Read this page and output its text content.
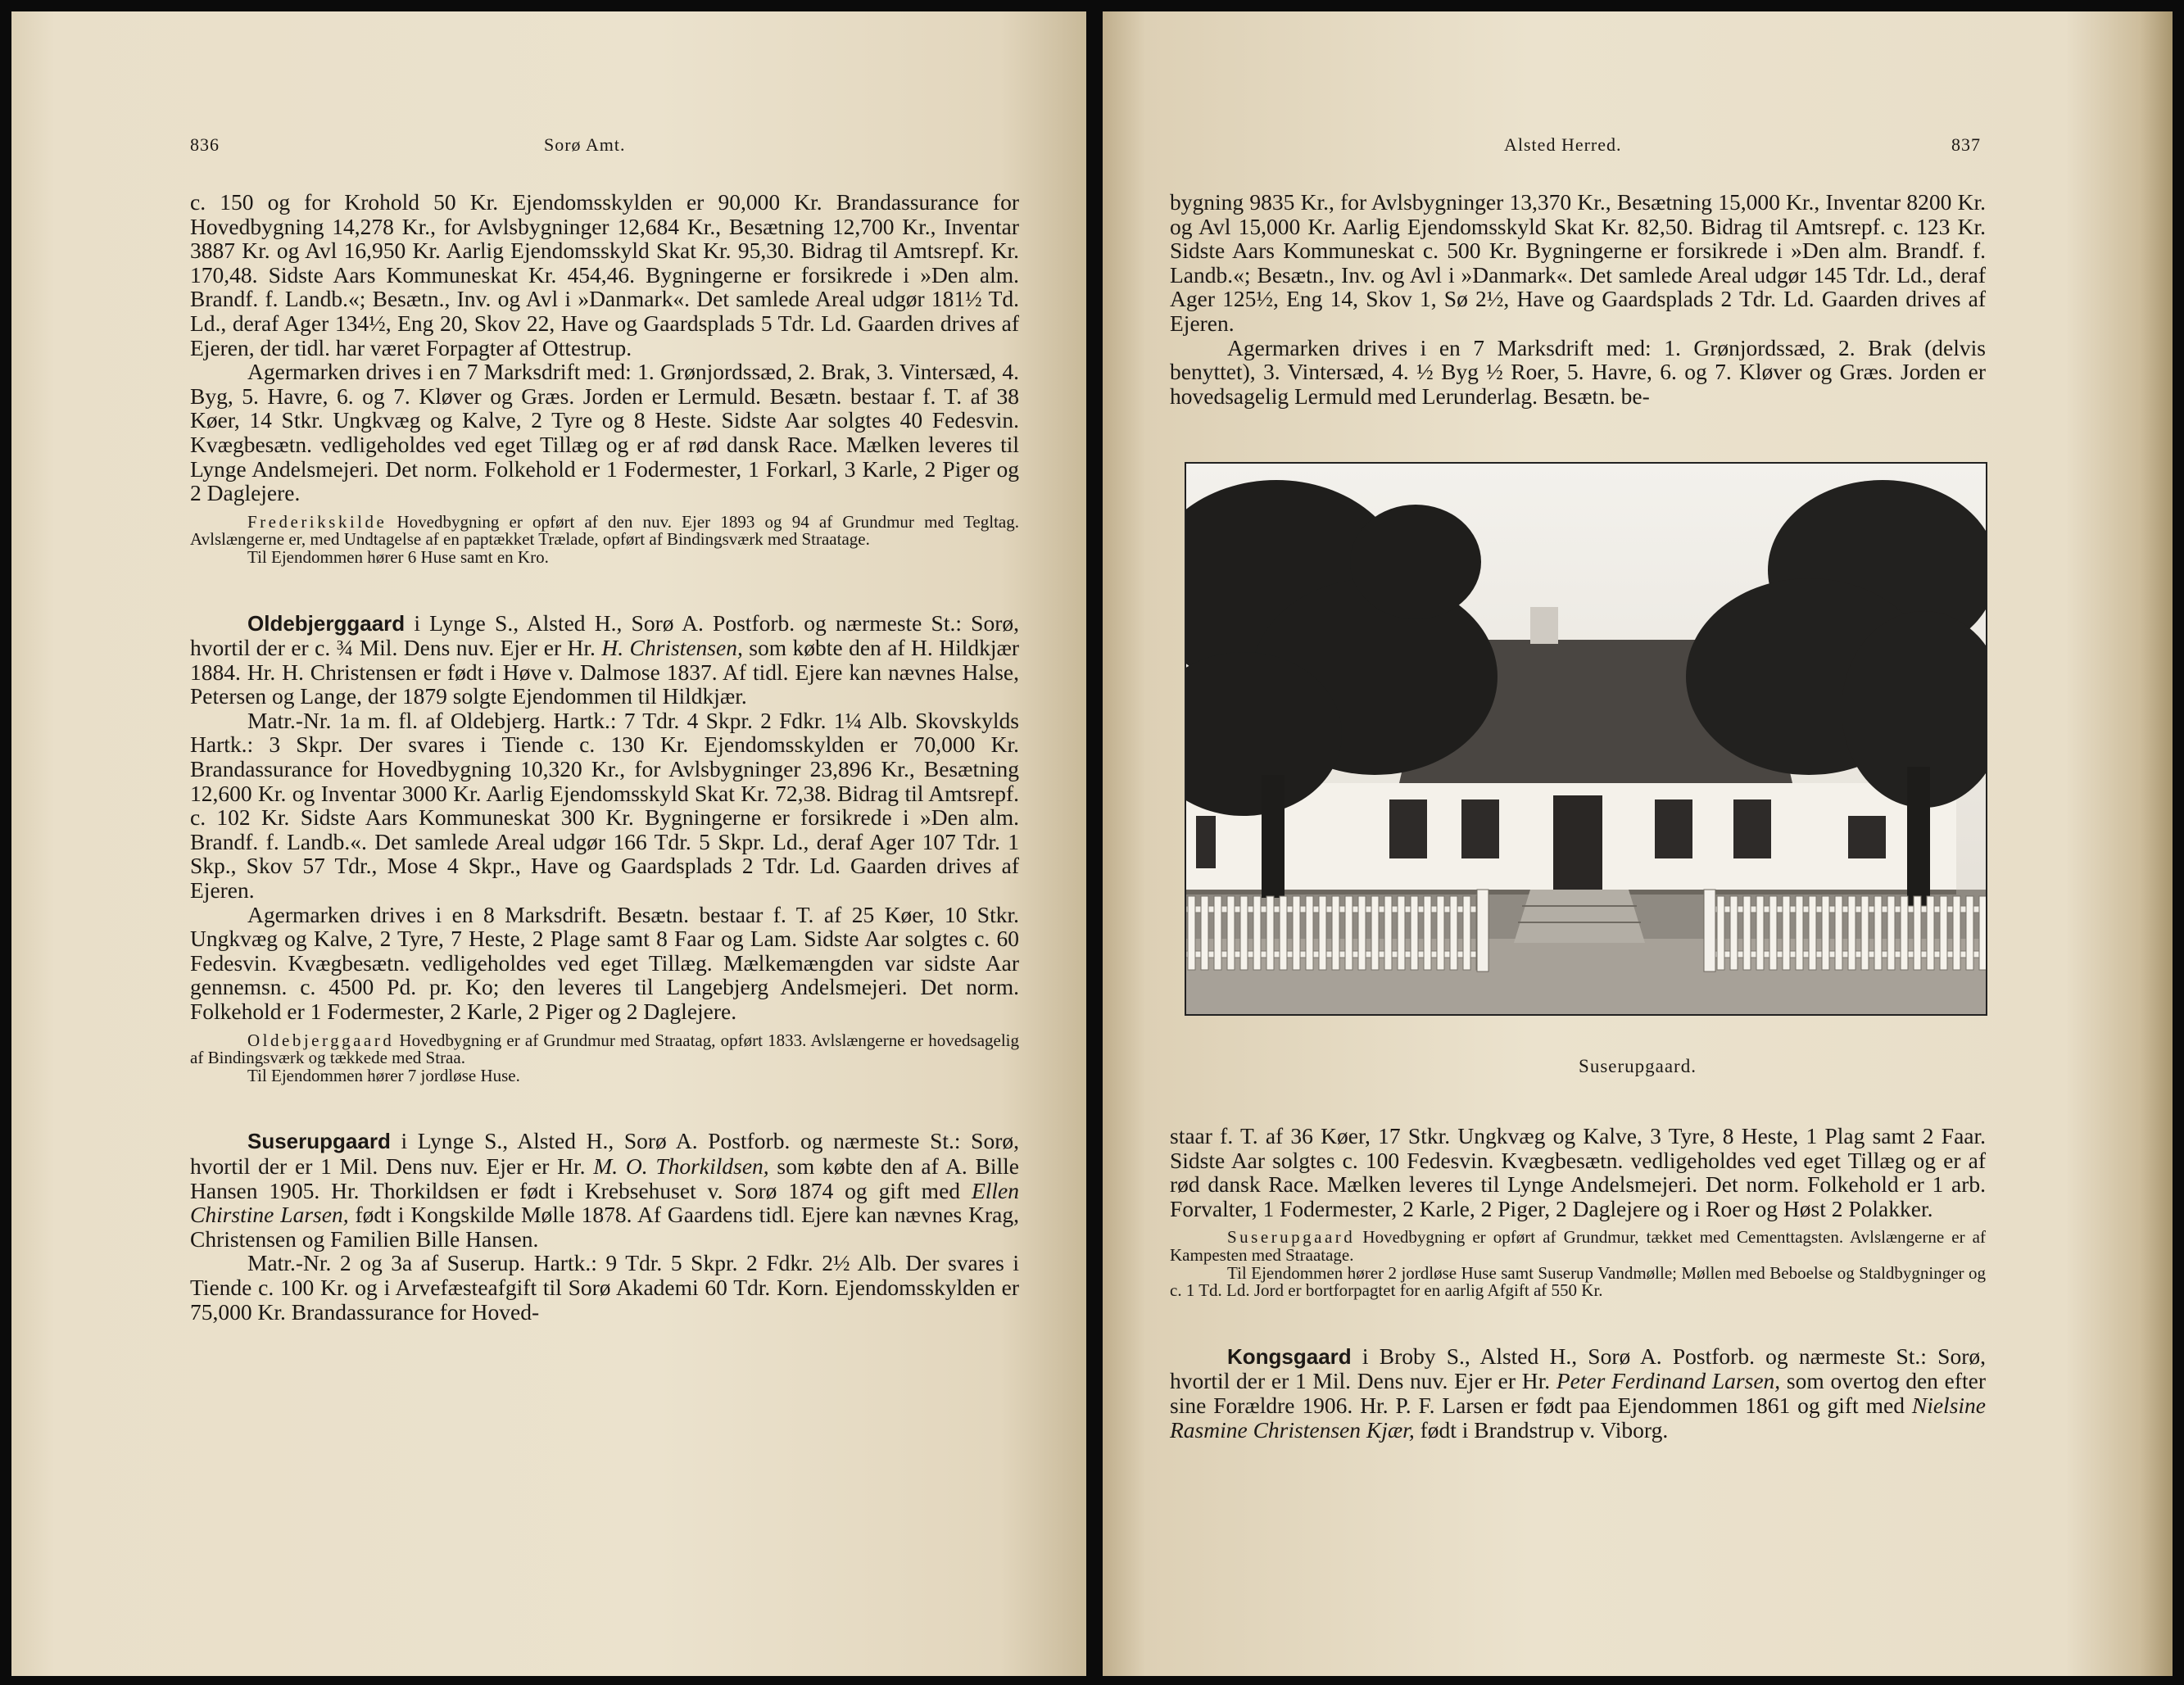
836	Sorø Amt.

c. 150 og for Krohold 50 Kr. Ejendomsskylden er 90,000 Kr. Brandassurance for Hovedbygning 14,278 Kr., for Avlsbygninger 12,684 Kr., Besætning 12,700 Kr., Inventar 3887 Kr. og Avl 16,950 Kr. Aarlig Ejendomsskyld Skat Kr. 95,30. Bidrag til Amtsrepf. Kr. 170,48. Sidste Aars Kommuneskat Kr. 454,46. Bygningerne er forsikrede i »Den alm. Brandf. f. Landb.«; Besætn., Inv. og Avl i »Danmark«. Det samlede Areal udgør 181½ Td. Ld., deraf Ager 134½, Eng 20, Skov 22, Have og Gaardsplads 5 Tdr. Ld. Gaarden drives af Ejeren, der tidl. har været Forpagter af Ottestrup.

Agermarken drives i en 7 Marksdrift med: 1. Grønjordssæd, 2. Brak, 3. Vintersæd, 4. Byg, 5. Havre, 6. og 7. Kløver og Græs. Jorden er Lermuld. Besætn. bestaar f. T. af 38 Køer, 14 Stkr. Ungkvæg og Kalve, 2 Tyre og 8 Heste. Sidste Aar solgtes 40 Fedesvin. Kvægbesætn. vedligeholdes ved eget Tillæg og er af rød dansk Race. Mælken leveres til Lynge Andelsmejeri. Det norm. Folkehold er 1 Fodermester, 1 Forkarl, 3 Karle, 2 Piger og 2 Daglejere.

Frederikskilde Hovedbygning er opført af den nuv. Ejer 1893 og 94 af Grundmur med Tegltag. Avlslængerne er, med Undtagelse af en paptækket Trælade, opført af Bindingsværk med Straatage.

Til Ejendommen hører 6 Huse samt en Kro.

Oldebjerggaard i Lynge S., Alsted H., Sorø A. Postforb. og nærmeste St.: Sorø, hvortil der er c. ¾ Mil. Dens nuv. Ejer er Hr. H. Christensen, som købte den af H. Hildkjær 1884. Hr. H. Christensen er født i Høve v. Dalmose 1837. Af tidl. Ejere kan nævnes Halse, Petersen og Lange, der 1879 solgte Ejendommen til Hildkjær.

Matr.-Nr. 1a m. fl. af Oldebjerg. Hartk.: 7 Tdr. 4 Skpr. 2 Fdkr. 1¼ Alb. Skovskylds Hartk.: 3 Skpr. Der svares i Tiende c. 130 Kr. Ejendomsskylden er 70,000 Kr. Brandassurance for Hovedbygning 10,320 Kr., for Avlsbygninger 23,896 Kr., Besætning 12,600 Kr. og Inventar 3000 Kr. Aarlig Ejendomsskyld Skat Kr. 72,38. Bidrag til Amtsrepf. c. 102 Kr. Sidste Aars Kommuneskat 300 Kr. Bygningerne er forsikrede i »Den alm. Brandf. f. Landb.«. Det samlede Areal udgør 166 Tdr. 5 Skpr. Ld., deraf Ager 107 Tdr. 1 Skp., Skov 57 Tdr., Mose 4 Skpr., Have og Gaardsplads 2 Tdr. Ld. Gaarden drives af Ejeren.

Agermarken drives i en 8 Marksdrift. Besætn. bestaar f. T. af 25 Køer, 10 Stkr. Ungkvæg og Kalve, 2 Tyre, 7 Heste, 2 Plage samt 8 Faar og Lam. Sidste Aar solgtes c. 60 Fedesvin. Kvægbesætn. vedligeholdes ved eget Tillæg. Mælkemængden var sidste Aar gennemsn. c. 4500 Pd. pr. Ko; den leveres til Langebjerg Andelsmejeri. Det norm. Folkehold er 1 Fodermester, 2 Karle, 2 Piger og 2 Daglejere.

Oldebjerggaard Hovedbygning er af Grundmur med Straatag, opført 1833. Avlslængerne er hovedsagelig af Bindingsværk og tækkede med Straa.

Til Ejendommen hører 7 jordløse Huse.

Suserupgaard i Lynge S., Alsted H., Sorø A. Postforb. og nærmeste St.: Sorø, hvortil der er 1 Mil. Dens nuv. Ejer er Hr. M. O. Thorkildsen, som købte den af A. Bille Hansen 1905. Hr. Thorkildsen er født i Krebsehuset v. Sorø 1874 og gift med Ellen Chirstine Larsen, født i Kongskilde Mølle 1878. Af Gaardens tidl. Ejere kan nævnes Krag, Christensen og Familien Bille Hansen.

Matr.-Nr. 2 og 3a af Suserup. Hartk.: 9 Tdr. 5 Skpr. 2 Fdkr. 2½ Alb. Der svares i Tiende c. 100 Kr. og i Arvefæsteafgift til Sorø Akademi 60 Tdr. Korn. Ejendomsskylden er 75,000 Kr. Brandassurance for Hoved-

Alsted Herred.	837

bygning 9835 Kr., for Avlsbygninger 13,370 Kr., Besætning 15,000 Kr., Inventar 8200 Kr. og Avl 15,000 Kr. Aarlig Ejendomsskyld Skat Kr. 82,50. Bidrag til Amtsrepf. c. 123 Kr. Sidste Aars Kommuneskat c. 500 Kr. Bygningerne er forsikrede i »Den alm. Brandf. f. Landb.«; Besætn., Inv. og Avl i »Danmark«. Det samlede Areal udgør 145 Tdr. Ld., deraf Ager 125½, Eng 14, Skov 1, Sø 2½, Have og Gaardsplads 2 Tdr. Ld. Gaarden drives af Ejeren.

Agermarken drives i en 7 Marksdrift med: 1. Grønjordssæd, 2. Brak (delvis benyttet), 3. Vintersæd, 4. ½ Byg ½ Roer, 5. Havre, 6. og 7. Kløver og Græs. Jorden er hovedsagelig Lermuld med Lerunderlag. Besætn. be-

Suserupgaard.

staar f. T. af 36 Køer, 17 Stkr. Ungkvæg og Kalve, 3 Tyre, 8 Heste, 1 Plag samt 2 Faar. Sidste Aar solgtes c. 100 Fedesvin. Kvægbesætn. vedligeholdes ved eget Tillæg og er af rød dansk Race. Mælken leveres til Lynge Andelsmejeri. Det norm. Folkehold er 1 arb. Forvalter, 1 Fodermester, 2 Karle, 2 Piger, 2 Daglejere og i Roer og Høst 2 Polakker.

Suserupgaard Hovedbygning er opført af Grundmur, tækket med Cementtagsten. Avlslængerne er af Kampesten med Straatage.

Til Ejendommen hører 2 jordløse Huse samt Suserup Vandmølle; Møllen med Beboelse og Staldbygninger og c. 1 Td. Ld. Jord er bortforpagtet for en aarlig Afgift af 550 Kr.

Kongsgaard i Broby S., Alsted H., Sorø A. Postforb. og nærmeste St.: Sorø, hvortil der er 1 Mil. Dens nuv. Ejer er Hr. Peter Ferdinand Larsen, som overtog den efter sine Forældre 1906. Hr. P. F. Larsen er født paa Ejendommen 1861 og gift med Nielsine Rasmine Christensen Kjær, født i Brandstrup v. Viborg.
